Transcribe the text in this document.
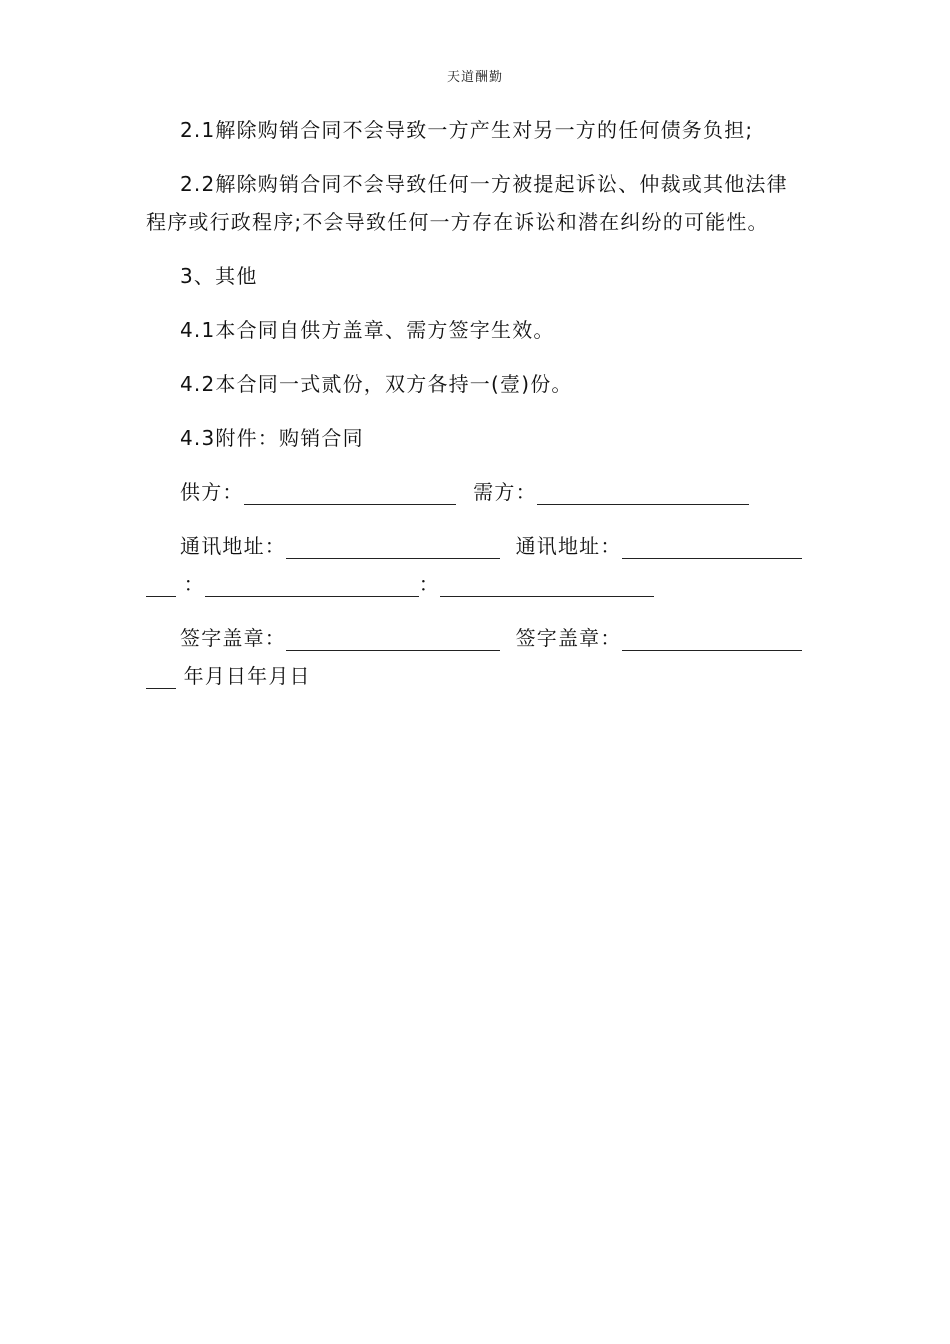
天道酬勤
2.1解除购销合同不会导致一方产生对另一方的任何债务负担;
2.2解除购销合同不会导致任何一方被提起诉讼、仲裁或其他法律
程序或行政程序;不会导致任何一方存在诉讼和潜在纠纷的可能性。
3、其他
4.1本合同自供方盖章、需方签字生效。
4.2本合同一式贰份，双方各持一(壹)份。
4.3附件：购销合同
供方：	需方：
通讯地址：	通讯地址：
：	：
签字盖章：	签字盖章：
年月日年月日
